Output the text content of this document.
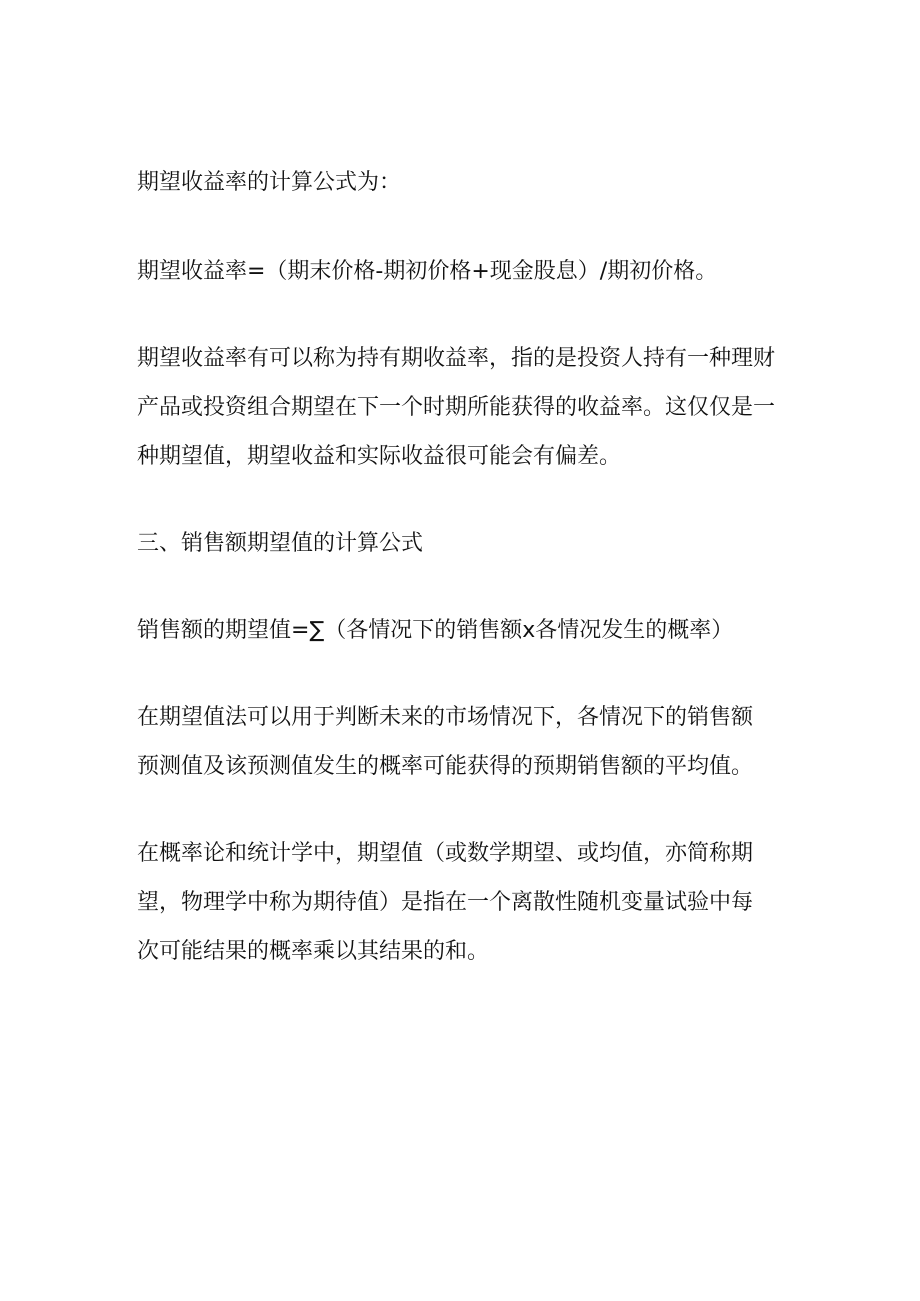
期望收益率的计算公式为：

期望收益率=（期末价格-期初价格+现金股息）/期初价格。

期望收益率有可以称为持有期收益率，指的是投资人持有一种理财
产品或投资组合期望在下一个时期所能获得的收益率。这仅仅是一
种期望值，期望收益和实际收益很可能会有偏差。

三、销售额期望值的计算公式

销售额的期望值=∑（各情况下的销售额x各情况发生的概率）

在期望值法可以用于判断未来的市场情况下，各情况下的销售额
预测值及该预测值发生的概率可能获得的预期销售额的平均值。

在概率论和统计学中，期望值（或数学期望、或均值，亦简称期
望，物理学中称为期待值）是指在一个离散性随机变量试验中每
次可能结果的概率乘以其结果的和。
